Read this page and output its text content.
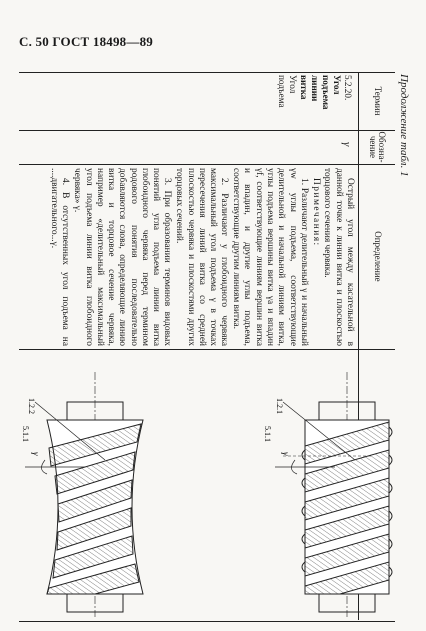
С. 50 ГОСТ 18498—89
Продолжение табл. 1
Термин
Обозна-
чение
Определение
5.2.20.
Угол подъема линии витка
Угол подъема
γ

Острый угол между касательной в данной точке к линии витка и плоскостью торцового сечения червяка.

Примечания:

1. Различают делительный γ и начальный γw углы подъема, соответствующие делительной и начальной линиям витка, углы подъема вершины витка γa и впадин γf, соответствующие линиям вершин витка и впадин, и другие углы подъема, соответствующие другим линиям витка.

2. Различают у глобоидного червяка максимальный угол подъема γ в точках пересечения линий витка со средней плоскостью червяка и плоскостями других торцовых сечений.

3. При образовании терминов видовых понятий угла подъема линии витка глобоидного червяка перед термином родового понятия последовательно добавляются слова, определяющие линию витка и торцовое сечение червяка, например «делительный максимальный угол подъема линии витка глобоидного червяка» γ.

4. В отсутственных угол подъема на ....двигательного...γ.

1.2.1
5.1.1
γ
1.2.2
5.1.1
γ
